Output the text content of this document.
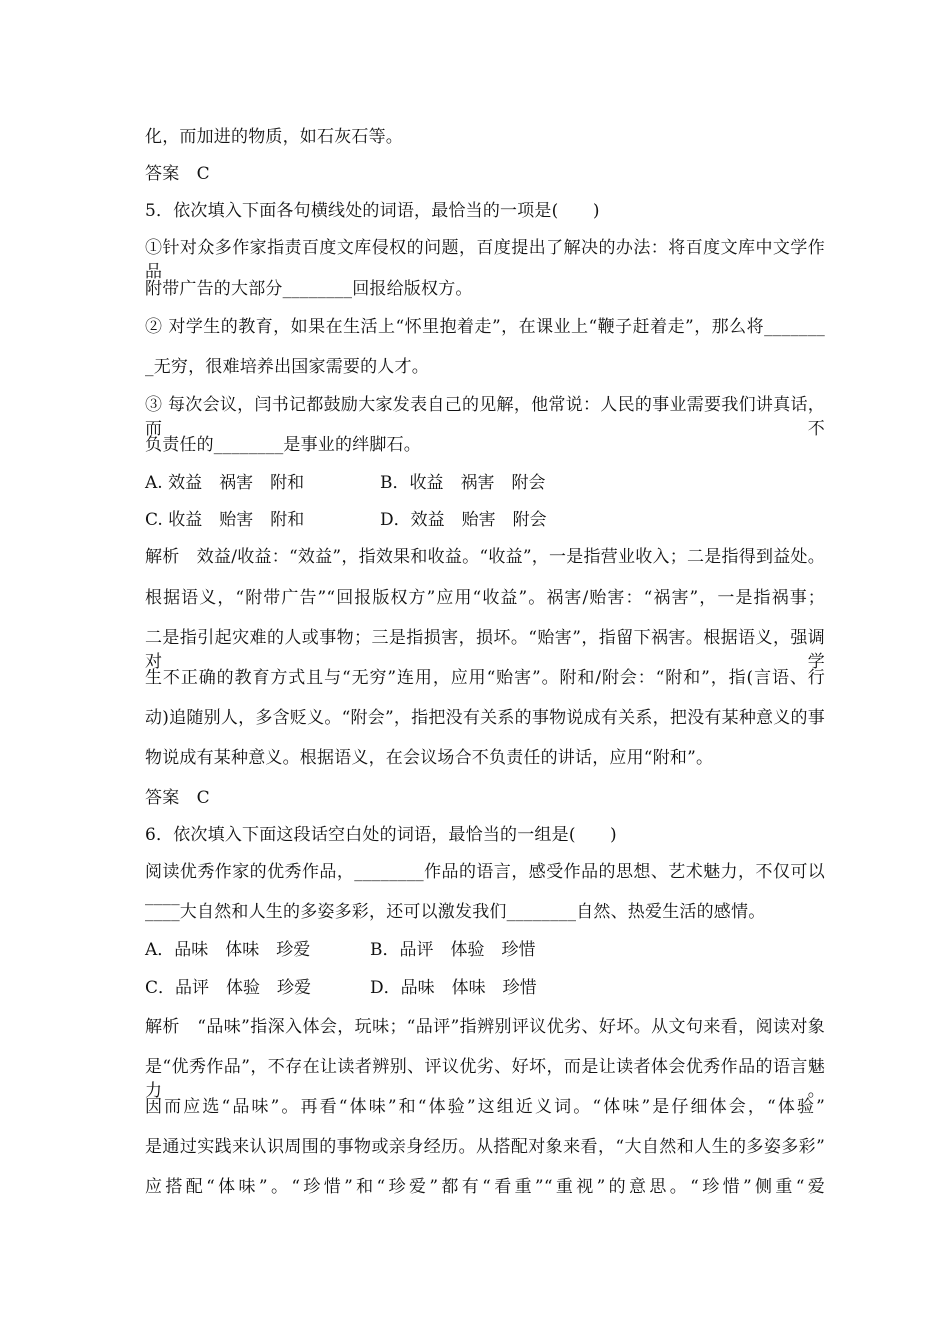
化，而加进的物质，如石灰石等。
答案　C
5．依次填入下面各句横线处的词语，最恰当的一项是(　　)
①针对众多作家指责百度文库侵权的问题，百度提出了解决的办法：将百度文库中文学作品
附带广告的大部分________回报给版权方。
② 对学生的教育，如果在生活上“怀里抱着走”，在课业上“鞭子赶着走”，那么将_______
_无穷，很难培养出国家需要的人才。
③ 每次会议，闫书记都鼓励大家发表自己的见解，他常说：人民的事业需要我们讲真话，而不
负责任的________是事业的绊脚石。
A. 效益　祸害　附和	B．收益　祸害　附会
C. 收益　贻害　附和	D．效益　贻害　附会
解析　效益/收益：“效益”，指效果和收益。“收益”，一是指营业收入；二是指得到益处。
根据语义，“附带广告”“回报版权方”应用“收益”。祸害/贻害：“祸害”，一是指祸事；
二是指引起灾难的人或事物；三是指损害，损坏。“贻害”，指留下祸害。根据语义，强调对学
生不正确的教育方式且与“无穷”连用，应用“贻害”。附和/附会：“附和”，指(言语、行
动)追随别人，多含贬义。“附会”，指把没有关系的事物说成有关系，把没有某种意义的事
物说成有某种意义。根据语义，在会议场合不负责任的讲话，应用“附和”。
答案　C
6．依次填入下面这段话空白处的词语，最恰当的一组是(　　)
阅读优秀作家的优秀作品，________作品的语言，感受作品的思想、艺术魅力，不仅可以____
____大自然和人生的多姿多彩，还可以激发我们________自然、热爱生活的感情。
A．品味　体味　珍爱	B．品评　体验　珍惜
C．品评　体验　珍爱	D．品味　体味　珍惜
解析　“品味”指深入体会，玩味；“品评”指辨别评议优劣、好坏。从文句来看，阅读对象
是“优秀作品”，不存在让读者辨别、评议优劣、好坏，而是让读者体会优秀作品的语言魅力。
因而应选“品味”。再看“体味”和“体验”这组近义词。“体味”是仔细体会，“体验”
是通过实践来认识周围的事物或亲身经历。从搭配对象来看，“大自然和人生的多姿多彩”
应搭配“体味”。“珍惜”和“珍爱”都有“看重”“重视”的意思。“珍惜”侧重“爱
